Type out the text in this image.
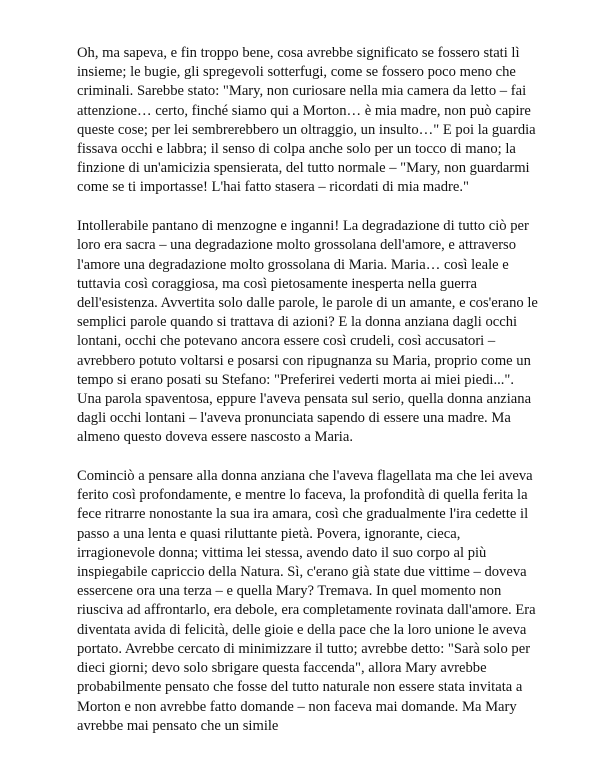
Oh, ma sapeva, e fin troppo bene, cosa avrebbe significato se fossero stati lì insieme; le bugie, gli spregevoli sotterfugi, come se fossero poco meno che criminali. Sarebbe stato: "Mary, non curiosare nella mia camera da letto – fai attenzione… certo, finché siamo qui a Morton… è mia madre, non può capire queste cose; per lei sembrerebbero un oltraggio, un insulto…" E poi la guardia fissava occhi e labbra; il senso di colpa anche solo per un tocco di mano; la finzione di un'amicizia spensierata, del tutto normale – "Mary, non guardarmi come se ti importasse! L'hai fatto stasera – ricordati di mia madre."

Intollerabile pantano di menzogne e inganni! La degradazione di tutto ciò per loro era sacra – una degradazione molto grossolana dell'amore, e attraverso l'amore una degradazione molto grossolana di Maria. Maria… così leale e tuttavia così coraggiosa, ma così pietosamente inesperta nella guerra dell'esistenza. Avvertita solo dalle parole, le parole di un amante, e cos'erano le semplici parole quando si trattava di azioni? E la donna anziana dagli occhi lontani, occhi che potevano ancora essere così crudeli, così accusatori – avrebbero potuto voltarsi e posarsi con ripugnanza su Maria, proprio come un tempo si erano posati su Stefano: "Preferirei vederti morta ai miei piedi...". Una parola spaventosa, eppure l'aveva pensata sul serio, quella donna anziana dagli occhi lontani – l'aveva pronunciata sapendo di essere una madre. Ma almeno questo doveva essere nascosto a Maria.

Cominciò a pensare alla donna anziana che l'aveva flagellata ma che lei aveva ferito così profondamente, e mentre lo faceva, la profondità di quella ferita la fece ritrarre nonostante la sua ira amara, così che gradualmente l'ira cedette il passo a una lenta e quasi riluttante pietà. Povera, ignorante, cieca, irragionevole donna; vittima lei stessa, avendo dato il suo corpo al più inspiegabile capriccio della Natura. Sì, c'erano già state due vittime – doveva essercene ora una terza – e quella Mary? Tremava. In quel momento non riusciva ad affrontarlo, era debole, era completamente rovinata dall'amore. Era diventata avida di felicità, delle gioie e della pace che la loro unione le aveva portato. Avrebbe cercato di minimizzare il tutto; avrebbe detto: "Sarà solo per dieci giorni; devo solo sbrigare questa faccenda", allora Mary avrebbe probabilmente pensato che fosse del tutto naturale non essere stata invitata a Morton e non avrebbe fatto domande – non faceva mai domande. Ma Mary avrebbe mai pensato che un simile
